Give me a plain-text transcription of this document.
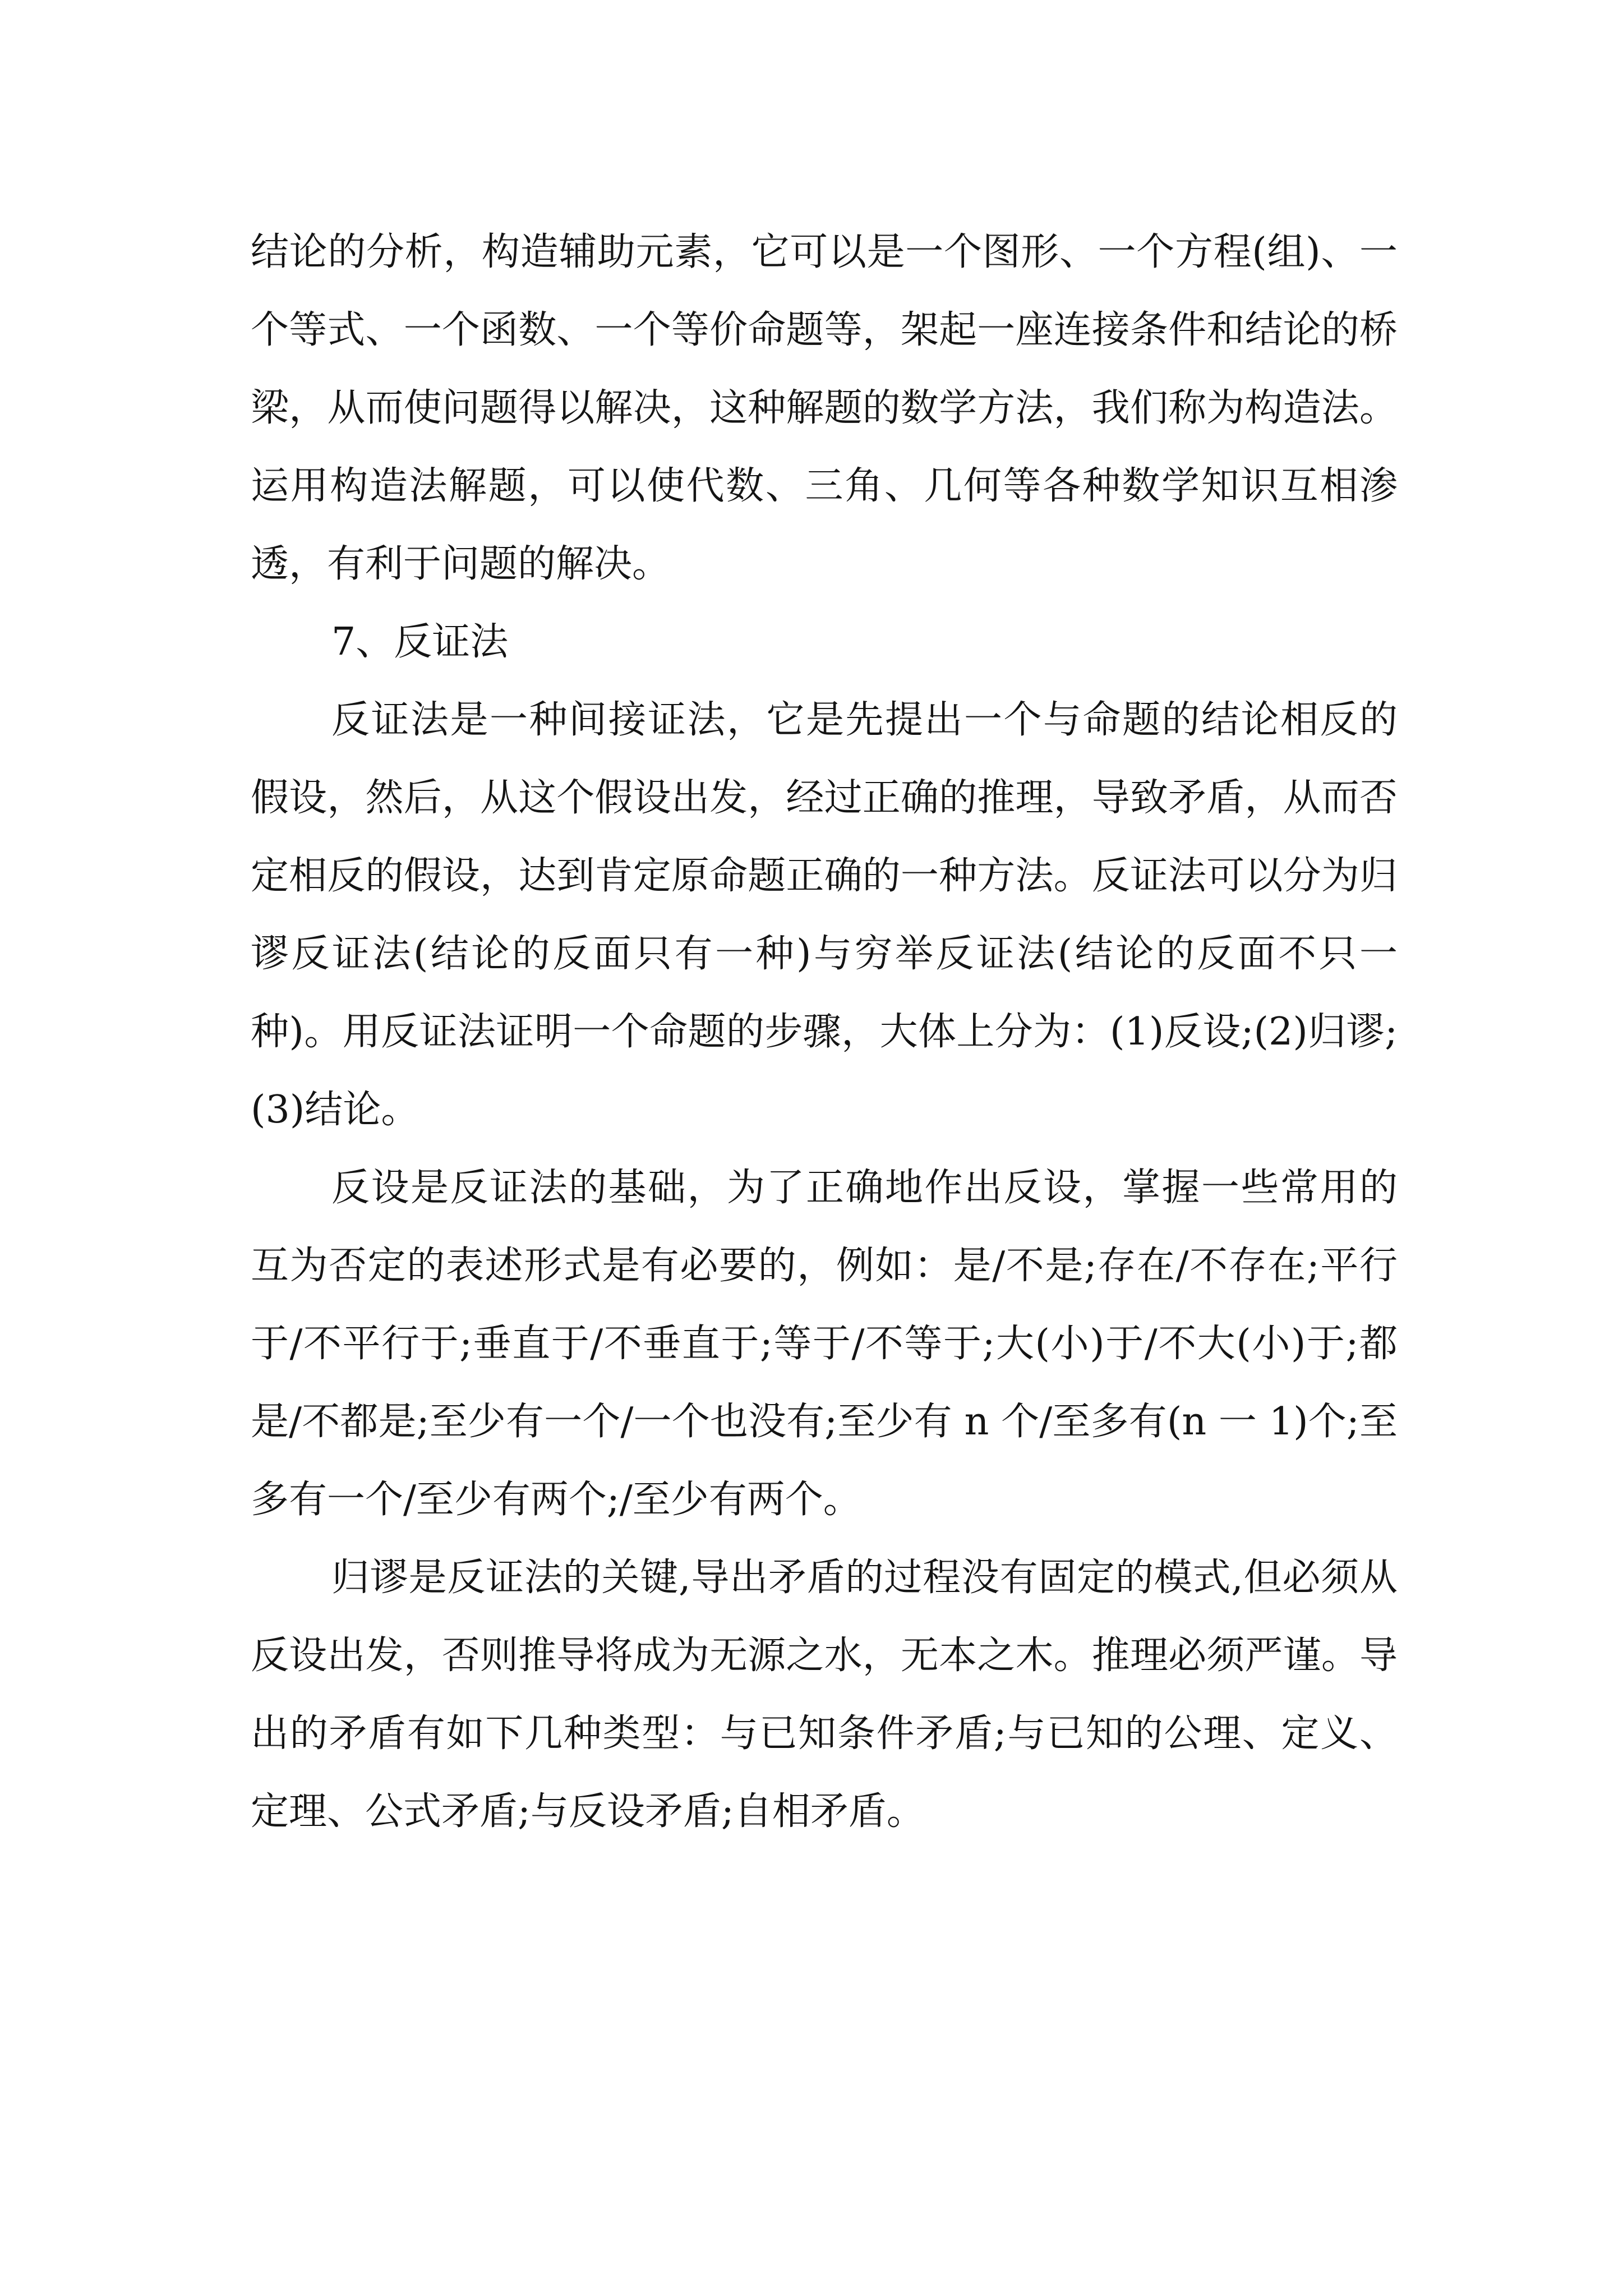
结论的分析，构造辅助元素，它可以是一个图形、一个方程(组)、一个等式、一个函数、一个等价命题等，架起一座连接条件和结论的桥梁，从而使问题得以解决，这种解题的数学方法，我们称为构造法。运用构造法解题，可以使代数、三角、几何等各种数学知识互相渗透，有利于问题的解决。

7、反证法

反证法是一种间接证法，它是先提出一个与命题的结论相反的假设，然后，从这个假设出发，经过正确的推理，导致矛盾，从而否定相反的假设，达到肯定原命题正确的一种方法。反证法可以分为归谬反证法(结论的反面只有一种)与穷举反证法(结论的反面不只一种)。用反证法证明一个命题的步骤，大体上分为：(1)反设;(2)归谬;(3)结论。

反设是反证法的基础，为了正确地作出反设，掌握一些常用的互为否定的表述形式是有必要的，例如：是/不是;存在/不存在;平行于/不平行于;垂直于/不垂直于;等于/不等于;大(小)于/不大(小)于;都是/不都是;至少有一个/一个也没有;至少有 n 个/至多有(n 一 1)个;至多有一个/至少有两个;/至少有两个。

归谬是反证法的关键,导出矛盾的过程没有固定的模式,但必须从反设出发，否则推导将成为无源之水，无本之木。推理必须严谨。导出的矛盾有如下几种类型：与已知条件矛盾;与已知的公理、定义、定理、公式矛盾;与反设矛盾;自相矛盾。
